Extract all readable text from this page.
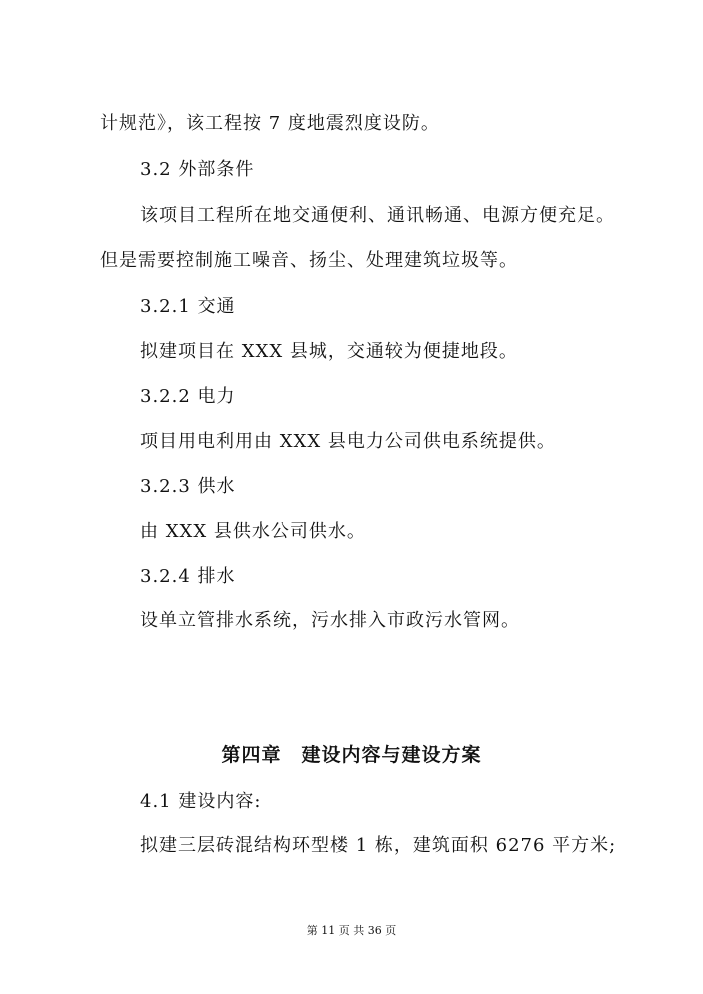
计规范》，该工程按 7 度地震烈度设防。
3.2 外部条件
该项目工程所在地交通便利、通讯畅通、电源方便充足。
但是需要控制施工噪音、扬尘、处理建筑垃圾等。
3.2.1 交通
拟建项目在 XXX 县城，交通较为便捷地段。
3.2.2 电力
项目用电利用由 XXX 县电力公司供电系统提供。
3.2.3 供水
由 XXX 县供水公司供水。
3.2.4 排水
设单立管排水系统，污水排入市政污水管网。
第四章　建设内容与建设方案
4.1 建设内容:
拟建三层砖混结构环型楼 1 栋，建筑面积 6276 平方米;
第 11 页 共 36 页
